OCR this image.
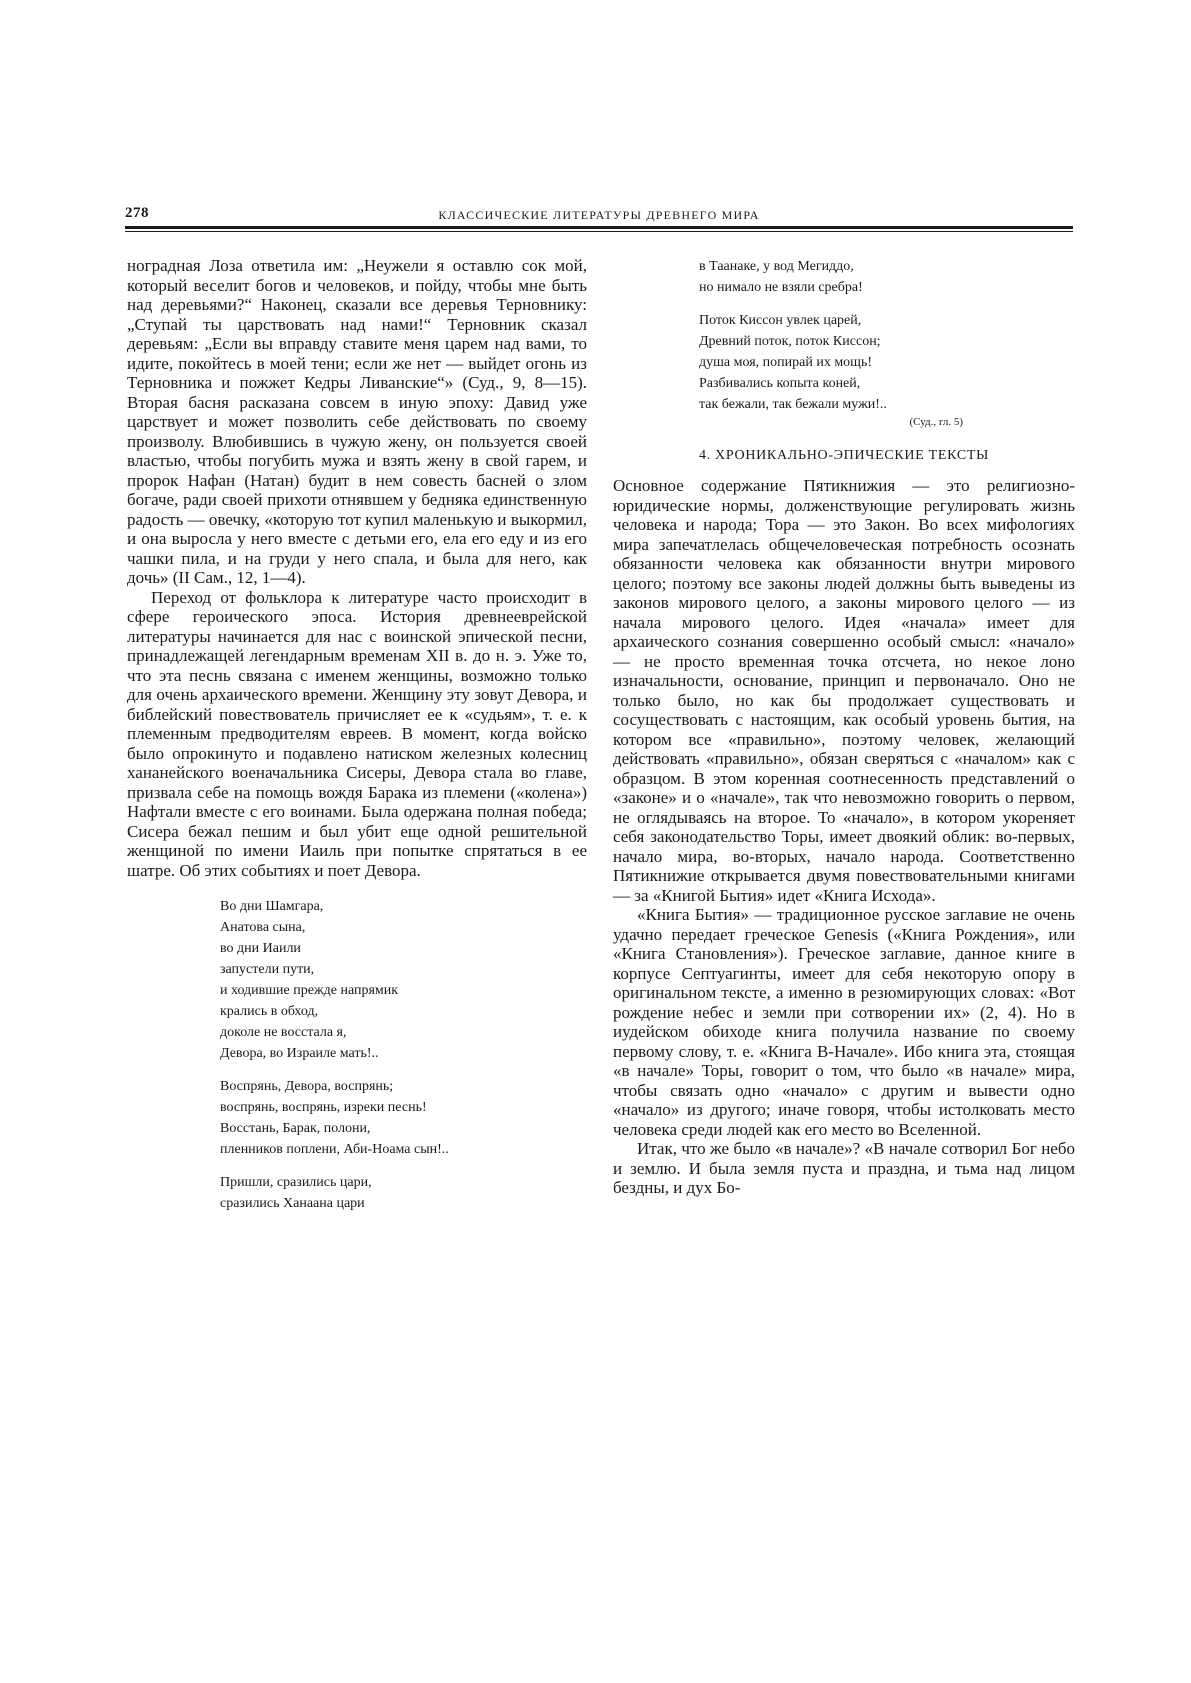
278	КЛАССИЧЕСКИЕ ЛИТЕРАТУРЫ ДРЕВНЕГО МИРА

ноградная Лоза ответила им: „Неужели я оставлю сок мой, который веселит богов и человеков, и пойду, чтобы мне быть над деревьями?“ Наконец, сказали все деревья Терновнику: „Ступай ты царствовать над нами!“ Терновник сказал деревьям: „Если вы вправду ставите меня царем над вами, то идите, покойтесь в моей тени; если же нет — выйдет огонь из Терновника и пожжет Кедры Ливанские“» (Суд., 9, 8—15). Вторая басня расказана совсем в иную эпоху: Давид уже царствует и может позволить себе действовать по своему произволу. Влюбившись в чужую жену, он пользуется своей властью, чтобы погубить мужа и взять жену в свой гарем, и пророк Нафан (Натан) будит в нем совесть басней о злом богаче, ради своей прихоти отнявшем у бедняка единственную радость — овечку, «которую тот купил маленькую и выкормил, и она выросла у него вместе с детьми его, ела его еду и из его чашки пила, и на груди у него спала, и была для него, как дочь» (II Сам., 12, 1—4).

Переход от фольклора к литературе часто происходит в сфере героического эпоса. История древнееврейской литературы начинается для нас с воинской эпической песни, принадлежащей легендарным временам XII в. до н. э. Уже то, что эта песнь связана с именем женщины, возможно только для очень архаического времени. Женщину эту зовут Девора, и библейский повествователь причисляет ее к «судьям», т. е. к племенным предводителям евреев. В момент, когда войско было опрокинуто и подавлено натиском железных колесниц хананейского военачальника Сисеры, Девора стала во главе, призвала себе на помощь вождя Барака из племени («колена») Нафтали вместе с его воинами. Была одержана полная победа; Сисера бежал пешим и был убит еще одной решительной женщиной по имени Иаиль при попытке спрятаться в ее шатре. Об этих событиях и поет Девора.

Во дни Шамгара,
Анатова сына,
во дни Иаили
запустели пути,
и ходившие прежде напрямик
крались в обход,
доколе не восстала я,
Девора, во Израиле мать!..
Воспрянь, Девора, воспрянь;
воспрянь, воспрянь, изреки песнь!
Восстань, Барак, полони,
пленников поплени, Аби-Ноама сын!..
Пришли, сразились цари,
сразились Ханаана цари
в Таанаке, у вод Мегиддо,
но нимало не взяли сребра!
Поток Киссон увлек царей,
Древний поток, поток Киссон;
душа моя, попирай их мощь!
Разбивались копыта коней,
так бежали, так бежали мужи!..
(Суд., гл. 5)
4. ХРОНИКАЛЬНО-ЭПИЧЕСКИЕ ТЕКСТЫ

Основное содержание Пятикнижия — это религиозно-юридические нормы, долженствующие регулировать жизнь человека и народа; Тора — это Закон. Во всех мифологиях мира запечатлелась общечеловеческая потребность осознать обязанности человека как обязанности внутри мирового целого; поэтому все законы людей должны быть выведены из законов мирового целого, а законы мирового целого — из начала мирового целого. Идея «начала» имеет для архаического сознания совершенно особый смысл: «начало» — не просто временная точка отсчета, но некое лоно изначальности, основание, принцип и первоначало. Оно не только было, но как бы продолжает существовать и сосуществовать с настоящим, как особый уровень бытия, на котором все «правильно», поэтому человек, желающий действовать «правильно», обязан сверяться с «началом» как с образцом. В этом коренная соотнесенность представлений о «законе» и о «начале», так что невозможно говорить о первом, не оглядываясь на второе. То «начало», в котором укореняет себя законодательство Торы, имеет двоякий облик: во-первых, начало мира, во-вторых, начало народа. Соответственно Пятикнижие открывается двумя повествовательными книгами — за «Книгой Бытия» идет «Книга Исхода».

«Книга Бытия» — традиционное русское заглавие не очень удачно передает греческое Genesis («Книга Рождения», или «Книга Становления»). Греческое заглавие, данное книге в корпусе Септуагинты, имеет для себя некоторую опору в оригинальном тексте, а именно в резюмирующих словах: «Вот рождение небес и земли при сотворении их» (2, 4). Но в иудейском обиходе книга получила название по своему первому слову, т. е. «Книга В-Начале». Ибо книга эта, стоящая «в начале» Торы, говорит о том, что было «в начале» мира, чтобы связать одно «начало» с другим и вывести одно «начало» из другого; иначе говоря, чтобы истолковать место человека среди людей как его место во Вселенной.

Итак, что же было «в начале»? «В начале сотворил Бог небо и землю. И была земля пуста и праздна, и тьма над лицом бездны, и дух Бо-
